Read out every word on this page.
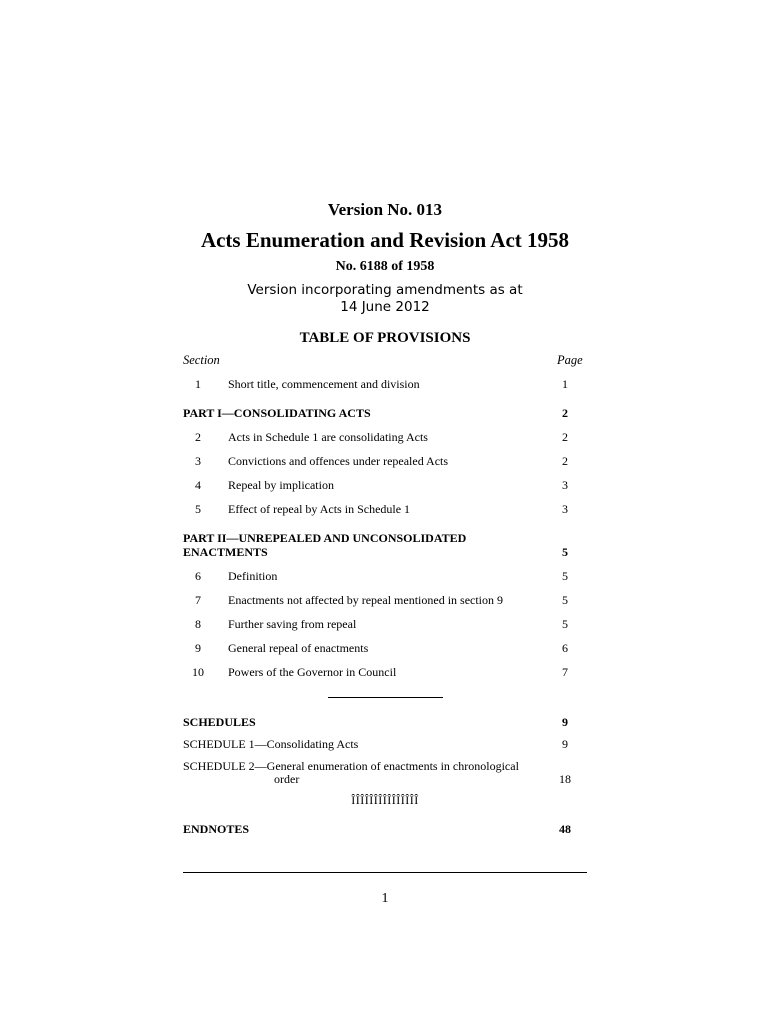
Version No. 013
Acts Enumeration and Revision Act 1958
No. 6188 of 1958
Version incorporating amendments as at
14 June 2012
TABLE OF PROVISIONS
Section	Page
1	Short title, commencement and division	1
PART I—CONSOLIDATING ACTS	2
2	Acts in Schedule 1 are consolidating Acts	2
3	Convictions and offences under repealed Acts	2
4	Repeal by implication	3
5	Effect of repeal by Acts in Schedule 1	3
PART II—UNREPEALED AND UNCONSOLIDATED
ENACTMENTS	5
6	Definition	5
7	Enactments not affected by repeal mentioned in section 9	5
8	Further saving from repeal	5
9	General repeal of enactments	6
10	Powers of the Governor in Council	7
SCHEDULES	9
SCHEDULE 1—Consolidating Acts	9
SCHEDULE 2—General enumeration of enactments in chronological
order	18
ÎÎÎÎÎÎÎÎÎÎÎÎÎÎÎ
ENDNOTES	48
1
